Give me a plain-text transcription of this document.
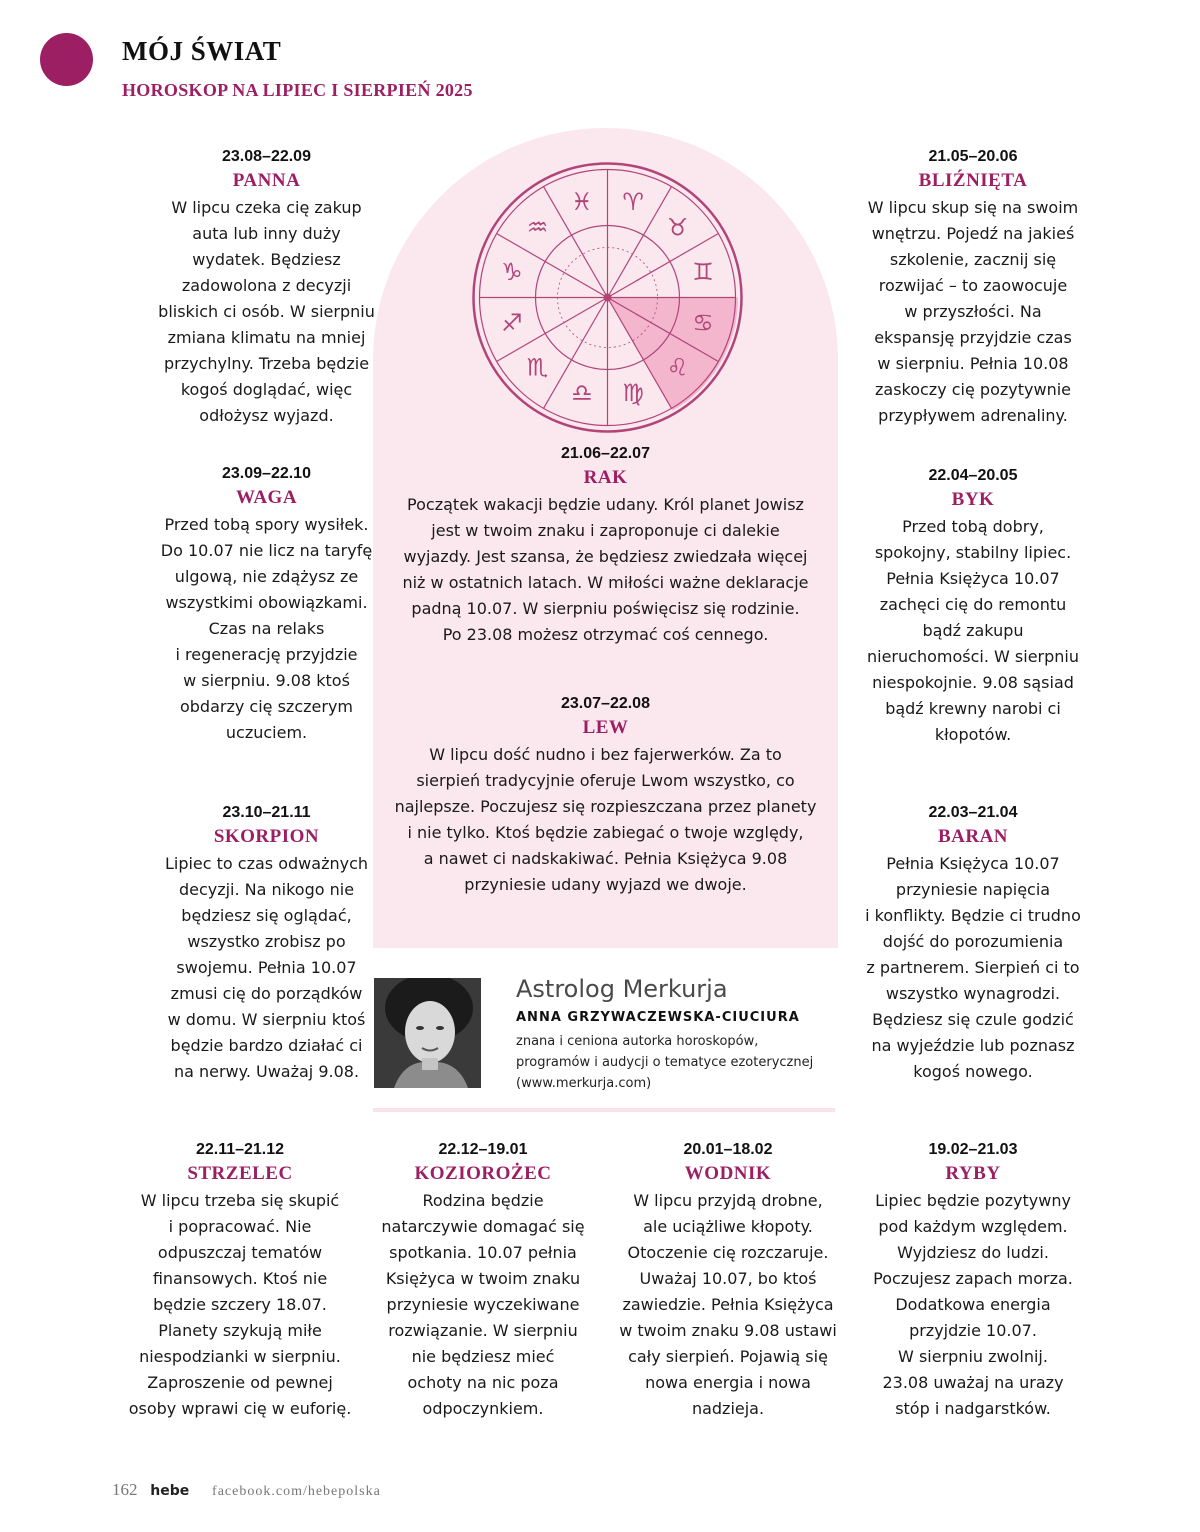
MÓJ ŚWIAT
HOROSKOP NA LIPIEC I SIERPIEŃ 2025
♋
♌
♍
♎
♏
♐
♑
♒
♓ ♈
♉
♊
23.08–22.09
PANNA
W lipcu czeka cię zakup
auta lub inny duży
wydatek. Będziesz
zadowolona z decyzji
bliskich ci osób. W sierpniu
zmiana klimatu na mniej
przychylny. Trzeba będzie
kogoś doglądać, więc
odłożysz wyjazd.
23.09–22.10
WAGA
Przed tobą spory wysiłek.
Do 10.07 nie licz na taryfę
ulgową, nie zdążysz ze
wszystkimi obowiązkami.
Czas na relaks
i regenerację przyjdzie
w sierpniu. 9.08 ktoś
obdarzy cię szczerym
uczuciem.
23.10–21.11
SKORPION
Lipiec to czas odważnych
decyzji. Na nikogo nie
będziesz się oglądać,
wszystko zrobisz po
swojemu. Pełnia 10.07
zmusi cię do porządków
w domu. W sierpniu ktoś
będzie bardzo działać ci
na nerwy. Uważaj 9.08.
21.05–20.06
BLIŹNIĘTA
W lipcu skup się na swoim
wnętrzu. Pojedź na jakieś
szkolenie, zacznij się
rozwijać – to zaowocuje
w przyszłości. Na
ekspansję przyjdzie czas
w sierpniu. Pełnia 10.08
zaskoczy cię pozytywnie
przypływem adrenaliny.
22.04–20.05
BYK
Przed tobą dobry,
spokojny, stabilny lipiec.
Pełnia Księżyca 10.07
zachęci cię do remontu
bądź zakupu
nieruchomości. W sierpniu
niespokojnie. 9.08 sąsiad
bądź krewny narobi ci
kłopotów.
22.03–21.04
BARAN
Pełnia Księżyca 10.07
przyniesie napięcia
i konflikty. Będzie ci trudno
dojść do porozumienia
z partnerem. Sierpień ci to
wszystko wynagrodzi.
Będziesz się czule godzić
na wyjeździe lub poznasz
kogoś nowego.
21.06–22.07
RAK
Początek wakacji będzie udany. Król planet Jowisz
jest w twoim znaku i zaproponuje ci dalekie
wyjazdy. Jest szansa, że będziesz zwiedzała więcej
niż w ostatnich latach. W miłości ważne deklaracje
padną 10.07. W sierpniu poświęcisz się rodzinie.
Po 23.08 możesz otrzymać coś cennego.
23.07–22.08
LEW
W lipcu dość nudno i bez fajerwerków. Za to
sierpień tradycyjnie oferuje Lwom wszystko, co
najlepsze. Poczujesz się rozpieszczana przez planety
i nie tylko. Ktoś będzie zabiegać o twoje względy,
a nawet ci nadskakiwać. Pełnia Księżyca 9.08
przyniesie udany wyjazd we dwoje.
Astrolog Merkurja
ANNA GRZYWACZEWSKA-CIUCIURA
znana i ceniona autorka horoskopów,
programów i audycji o tematyce ezoterycznej
(www.merkurja.com)
22.11–21.12
STRZELEC
W lipcu trzeba się skupić
i popracować. Nie
odpuszczaj tematów
finansowych. Ktoś nie
będzie szczery 18.07.
Planety szykują miłe
niespodzianki w sierpniu.
Zaproszenie od pewnej
osoby wprawi cię w euforię.
22.12–19.01
KOZIOROŻEC
Rodzina będzie
natarczywie domagać się
spotkania. 10.07 pełnia
Księżyca w twoim znaku
przyniesie wyczekiwane
rozwiązanie. W sierpniu
nie będziesz mieć
ochoty na nic poza
odpoczynkiem.
20.01–18.02
WODNIK
W lipcu przyjdą drobne,
ale uciążliwe kłopoty.
Otoczenie cię rozczaruje.
Uważaj 10.07, bo ktoś
zawiedzie. Pełnia Księżyca
w twoim znaku 9.08 ustawi
cały sierpień. Pojawią się
nowa energia i nowa
nadzieja.
19.02–21.03
RYBY
Lipiec będzie pozytywny
pod każdym względem.
Wyjdziesz do ludzi.
Poczujesz zapach morza.
Dodatkowa energia
przyjdzie 10.07.
W sierpniu zwolnij.
23.08 uważaj na urazy
stóp i nadgarstków.
162 hebe facebook.com/hebepolska
